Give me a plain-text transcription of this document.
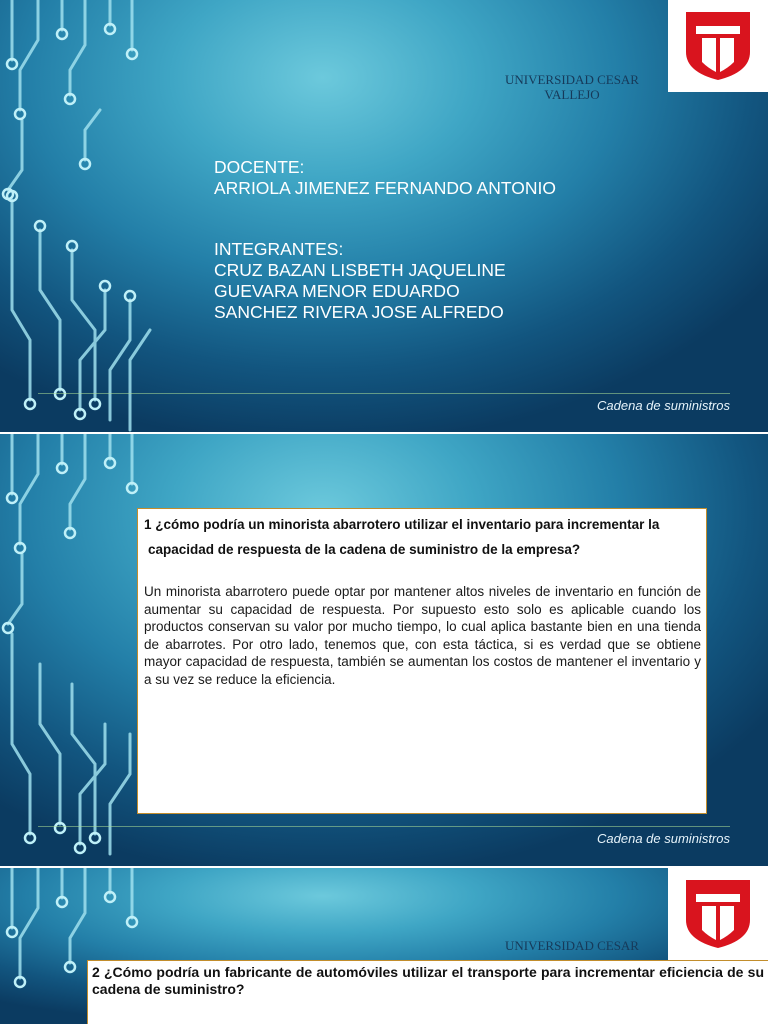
UNIVERSIDAD CESAR
VALLEJO
DOCENTE:
ARRIOLA JIMENEZ FERNANDO ANTONIO
INTEGRANTES:
CRUZ BAZAN LISBETH JAQUELINE
GUEVARA MENOR EDUARDO
SANCHEZ RIVERA JOSE ALFREDO
Cadena de suministros
1 ¿cómo podría un minorista abarrotero utilizar el inventario para incrementar la
capacidad de respuesta de la cadena de suministro de la empresa?
Un minorista abarrotero puede optar por mantener altos niveles de inventario en función de aumentar su capacidad de respuesta. Por supuesto esto solo es aplicable cuando los productos conservan su valor por mucho tiempo, lo cual aplica bastante bien en una tienda de abarrotes. Por otro lado, tenemos que, con esta táctica, si es verdad que se obtiene mayor capacidad de respuesta, también se aumentan los costos de mantener el inventario y a su vez se reduce la eficiencia.
Cadena de suministros
UNIVERSIDAD CESAR
2 ¿Cómo podría un fabricante de automóviles utilizar el transporte para incrementar eficiencia de su cadena de suministro?
